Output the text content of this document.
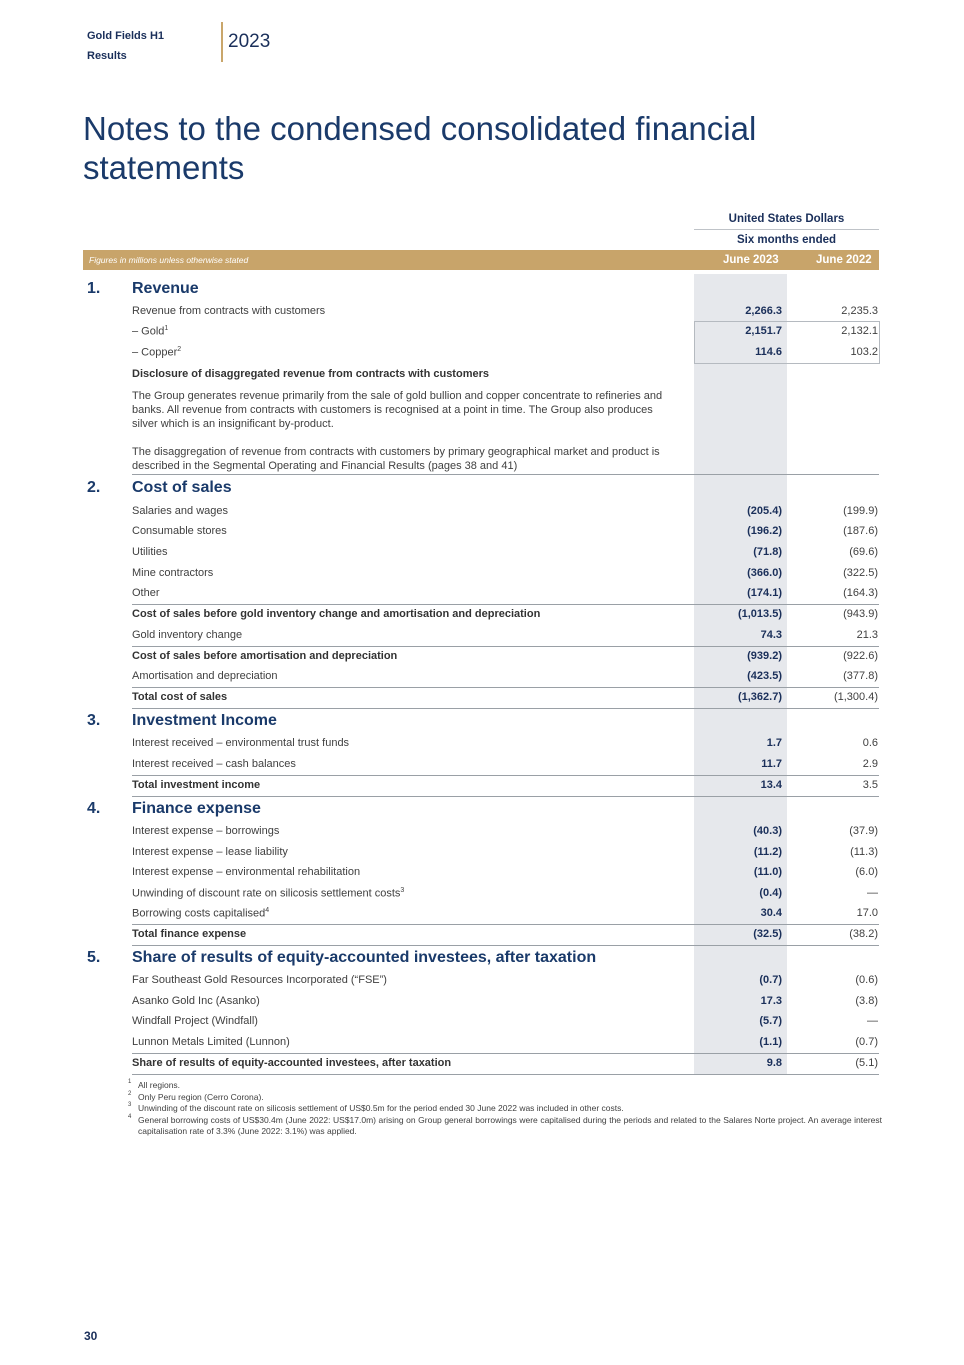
Gold Fields H1
Results
2023
Notes to the condensed consolidated financial statements
United States Dollars
Six months ended
Figures in millions unless otherwise stated	June 2023	June 2022
1. Revenue
Revenue from contracts with customers	2,266.3	2,235.3
– Gold$^1$	2,151.7	2,132.1
– Copper$^2$	114.6	103.2
Disclosure of disaggregated revenue from contracts with customers
The Group generates revenue primarily from the sale of gold bullion and copper concentrate to refineries and banks. All revenue from contracts with customers is recognised at a point in time. The Group also produces silver which is an insignificant by-product.
The disaggregation of revenue from contracts with customers by primary geographical market and product is described in the Segmental Operating and Financial Results (pages 38 and 41)
2. Cost of sales
Salaries and wages	(205.4)	(199.9)
Consumable stores	(196.2)	(187.6)
Utilities	(71.8)	(69.6)
Mine contractors	(366.0)	(322.5)
Other	(174.1)	(164.3)
Cost of sales before gold inventory change and amortisation and depreciation	(1,013.5)	(943.9)
Gold inventory change	74.3	21.3
Cost of sales before amortisation and depreciation	(939.2)	(922.6)
Amortisation and depreciation	(423.5)	(377.8)
Total cost of sales	(1,362.7)	(1,300.4)
3. Investment Income
Interest received – environmental trust funds	1.7	0.6
Interest received – cash balances	11.7	2.9
Total investment income	13.4	3.5
4. Finance expense
Interest expense – borrowings	(40.3)	(37.9)
Interest expense – lease liability	(11.2)	(11.3)
Interest expense – environmental rehabilitation	(11.0)	(6.0)
Unwinding of discount rate on silicosis settlement costs$^3$	(0.4)	—
Borrowing costs capitalised$^4$	30.4	17.0
Total finance expense	(32.5)	(38.2)
5. Share of results of equity-accounted investees, after taxation
Far Southeast Gold Resources Incorporated (“FSE”)	(0.7)	(0.6)
Asanko Gold Inc (Asanko)	17.3	(3.8)
Windfall Project (Windfall)	(5.7)	—
Lunnon Metals Limited (Lunnon)	(1.1)	(0.7)
Share of results of equity-accounted investees, after taxation	9.8	(5.1)
1 All regions.
2 Only Peru region (Cerro Corona).
3 Unwinding of the discount rate on silicosis settlement of US$0.5m for the period ended 30 June 2022 was included in other costs.
4 General borrowing costs of US$30.4m (June 2022: US$17.0m) arising on Group general borrowings were capitalised during the periods and related to the Salares Norte project. An average interest capitalisation rate of 3.3% (June 2022: 3.1%) was applied.
30
